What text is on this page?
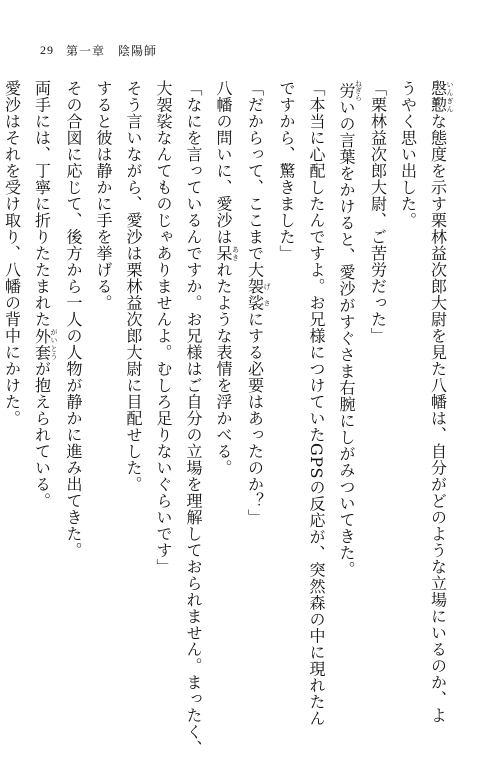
29 第一章　陰陽師
慇懃いんぎんな態度を示す栗林益次郎大尉を見た八幡は、自分がどのような立場にいるのか、よ
うやく思い出した。
「栗林益次郎大尉、ご苦労だった」
労ねぎらいの言葉をかけると、愛沙がすぐさま右腕にしがみついてきた。
「本当に心配したんですよ。お兄様につけていたGPSの反応が、突然森の中に現れたん
ですから、驚きました」
「だからって、ここまで大袈裟げさにする必要はあったのか？」
八幡の問いに、愛沙は呆あきれたような表情を浮かべる。
「なにを言っているんですか。お兄様はご自分の立場を理解しておられません。まったく、
大袈裟なんてものじゃありませんよ。むしろ足りないぐらいです」
そう言いながら、愛沙は栗林益次郎大尉に目配せした。
すると彼は静かに手を挙げる。
その合図に応じて、後方から一人の人物が静かに進み出てきた。
両手には、丁寧に折りたたまれた外套がいとうが抱えられている。
愛沙はそれを受け取り、八幡の背中にかけた。
